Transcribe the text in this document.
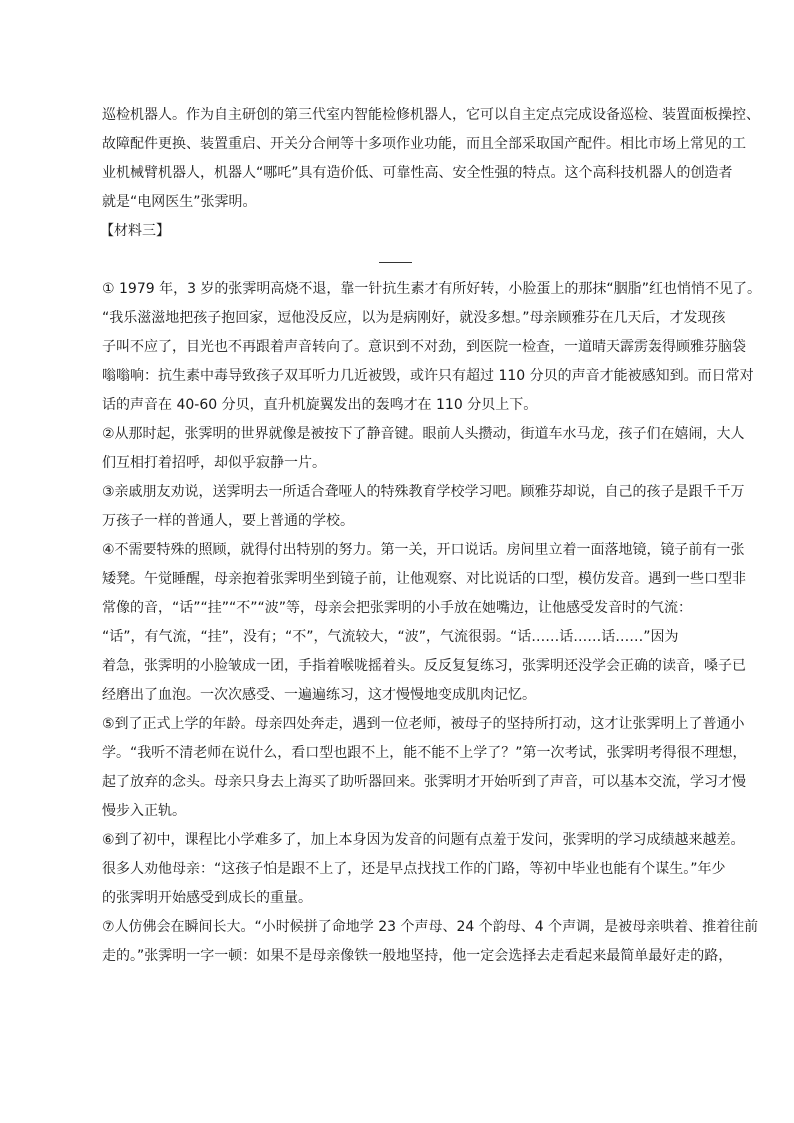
巡检机器人。作为自主研创的第三代室内智能检修机器人，它可以自主定点完成设备巡检、装置面板操控、

故障配件更换、装置重启、开关分合闸等十多项作业功能，而且全部采取国产配件。相比市场上常见的工

业机械臂机器人，机器人“哪吒”具有造价低、可靠性高、安全性强的特点。这个高科技机器人的创造者

就是“电网医生”张霁明。

【材料三】

① 1979 年，3 岁的张霁明高烧不退，靠一针抗生素才有所好转，小脸蛋上的那抹“胭脂”红也悄悄不见了。

“我乐滋滋地把孩子抱回家，逗他没反应，以为是病刚好，就没多想。”母亲顾雅芬在几天后，才发现孩

子叫不应了，目光也不再跟着声音转向了。意识到不对劲，到医院一检查，一道晴天霹雳轰得顾雅芬脑袋

嗡嗡响：抗生素中毒导致孩子双耳听力几近被毁，或许只有超过 110 分贝的声音才能被感知到。而日常对

话的声音在 40-60 分贝，直升机旋翼发出的轰鸣才在 110 分贝上下。

②从那时起，张霁明的世界就像是被按下了静音键。眼前人头攒动，街道车水马龙，孩子们在嬉闹，大人

们互相打着招呼，却似乎寂静一片。

③亲戚朋友劝说，送霁明去一所适合聋哑人的特殊教育学校学习吧。顾雅芬却说，自己的孩子是跟千千万

万孩子一样的普通人，要上普通的学校。

④不需要特殊的照顾，就得付出特别的努力。第一关，开口说话。房间里立着一面落地镜，镜子前有一张

矮凳。午觉睡醒，母亲抱着张霁明坐到镜子前，让他观察、对比说话的口型，模仿发音。遇到一些口型非

常像的音，“话”“挂”“不”“波”等，母亲会把张霁明的小手放在她嘴边，让他感受发音时的气流：

“话”，有气流，“挂”，没有；“不”，气流较大，“波”，气流很弱。“话……话……话……”因为

着急，张霁明的小脸皱成一团，手指着喉咙摇着头。反反复复练习，张霁明还没学会正确的读音，嗓子已

经磨出了血泡。一次次感受、一遍遍练习，这才慢慢地变成肌肉记忆。

⑤到了正式上学的年龄。母亲四处奔走，遇到一位老师，被母子的坚持所打动，这才让张霁明上了普通小

学。“我听不清老师在说什么，看口型也跟不上，能不能不上学了？”第一次考试，张霁明考得很不理想，

起了放弃的念头。母亲只身去上海买了助听器回来。张霁明才开始听到了声音，可以基本交流，学习才慢

慢步入正轨。

⑥到了初中，课程比小学难多了，加上本身因为发音的问题有点羞于发问，张霁明的学习成绩越来越差。

很多人劝他母亲：“这孩子怕是跟不上了，还是早点找找工作的门路，等初中毕业也能有个谋生。”年少

的张霁明开始感受到成长的重量。

⑦人仿佛会在瞬间长大。“小时候拼了命地学 23 个声母、24 个韵母、4 个声调，是被母亲哄着、推着往前

走的。”张霁明一字一顿：如果不是母亲像铁一般地坚持，他一定会选择去走看起来最简单最好走的路，
